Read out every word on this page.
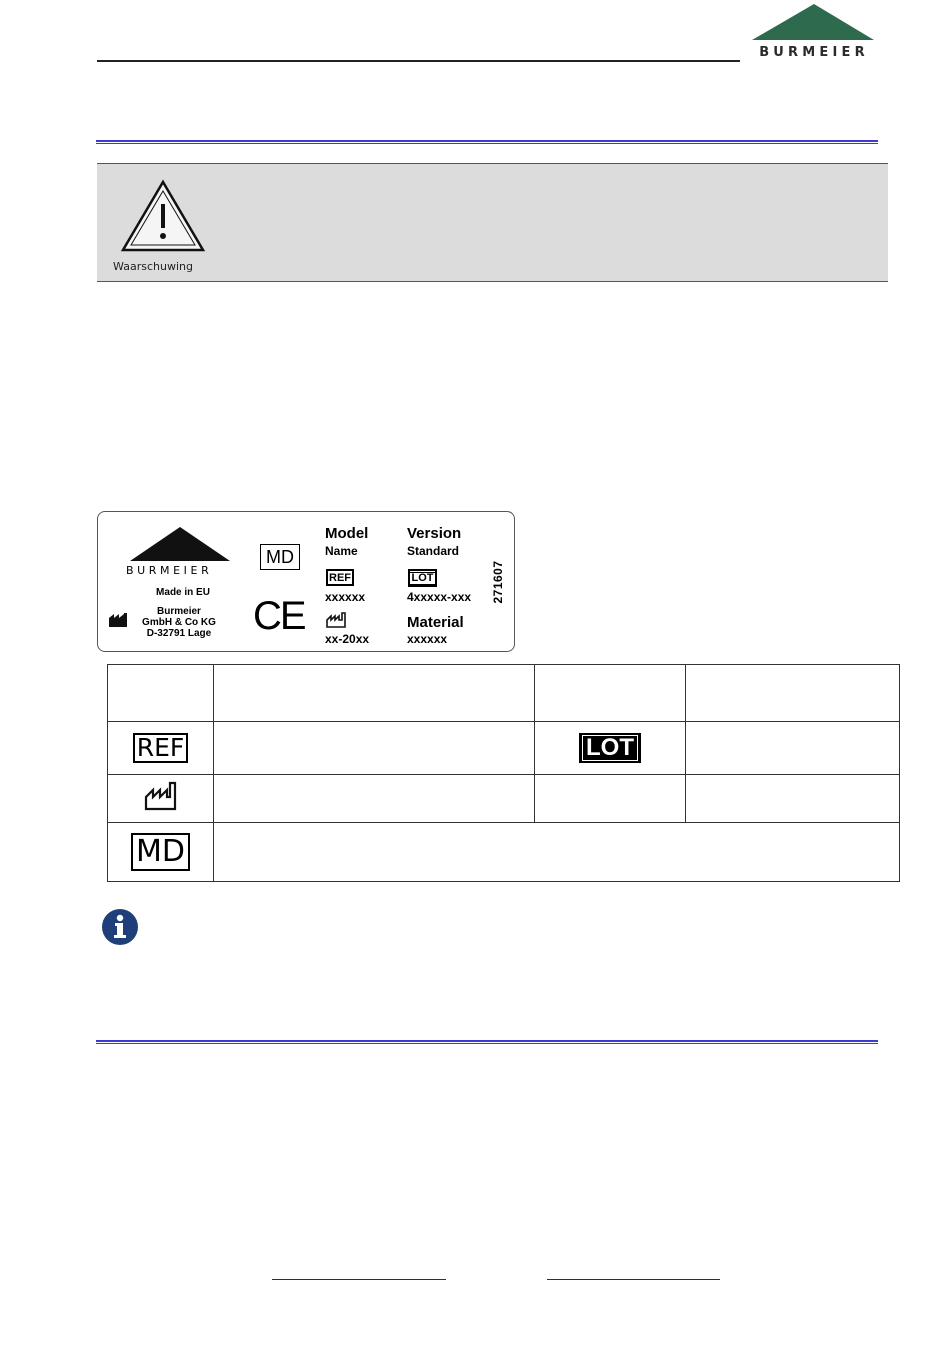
BURMEIER
Waarschuwing
BURMEIER
Made in EU
Burmeier
GmbH & Co KG
D-32791 Lage
MD
CE
Model
Name
REF
xxxxxx
xx-20xx
Version
Standard
LOT
4xxxxx-xxx
Material
xxxxxx
271607

REF		LOT	

MD			
